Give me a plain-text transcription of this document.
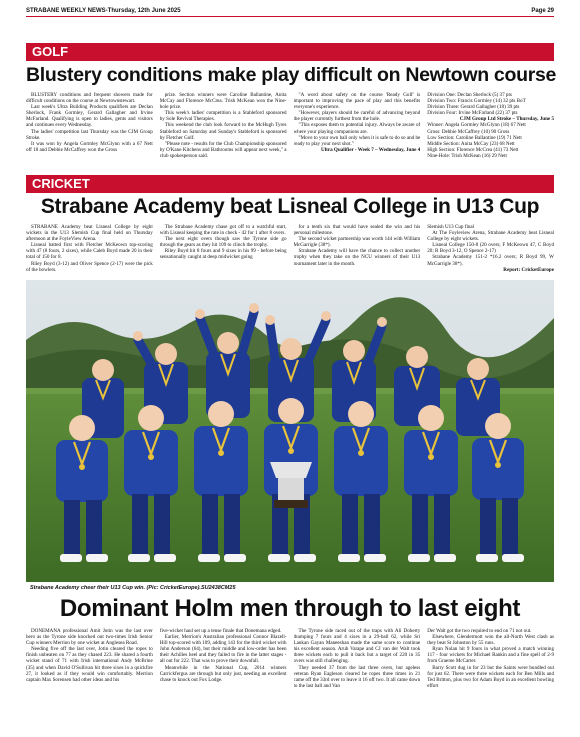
STRABANE WEEKLY NEWS-Thursday, 12th June 2025	Page 29
GOLF
Blustery conditions make play difficult on Newtown course

BLUSTERY conditions and frequent showers made for difficult conditions on the course at Newtownstewart.

Last week's Ultra Building Products qualifiers are Declan Sherlock, Frank Gormley, Gerard Gallagher and Irvine McFarland. Qualifying is open to ladies, gents and visitors and continues every Wednesday.

The ladies' competition last Thursday was the CJM Group Stroke.

It was won by Angela Gormley McGlynn with a 67 Nett off 18 and Debbie McCaffrey won the Gross

prize. Section winners were Caroline Ballantine, Anita McCay and Florence McCrea. Trish McKean won the Nine-hole prize.

This week's ladies' competition is a Stableford sponsored by Sole Revival Therapies.

This weekend the club look forward to the McHugh Tyres Stableford on Saturday and Sunday's Stableford is sponsored by Fletcher Golf.

"Please note - results for the Club Championship sponsored by O'Kane Kitchens and Bathrooms will appear next week," a club spokesperson said.

"A word about safety on the course 'Ready Golf' is important to improving the pace of play and this benefits everyone's experience.

"However, players should be careful of advancing beyond the player currently furthest from the hole.

"This exposes them to potential injury. Always be aware of where your playing companions are.

"Move to your own ball only when it is safe to do so and be ready to play your next shot."

Ultra Qualifier - Week 7 – Wednesday, June 4

Division One: Declan Sherlock (5) 37 pts

Division Two: Francis Gormley (14) 32 pts BoT

Division Three: Gerard Gallagher (18) 39 pts

Division Four: Irvine McFarland (22) 37 pts

CJM Group Ltd Stroke – Thursday, June 5

Winner: Angela Gormley McGlynn (18) 67 Nett

Gross: Debbie McCaffrey (10) 90 Gross

Low Section: Caroline Ballantine (19) 71 Nett

Middle Section: Anita McCay (23) 68 Nett

High Section: Florence McCrea (41) 73 Nett

Nine-Hole: Trish McKean (16) 29 Nett

CRICKET
Strabane Academy beat Lisneal College in U13 Cup

STRABANE Academy beat Lisneal College by eight wickets in the U13 Slemish Cup final held on Thursday afternoon at the FoyleView Arena.

Lisneal batted first with Fletcher McKeown top-scoring with 47 (8 fours, 2 sixes), while Caleb Boyd made 20 in their total of 150 for 8.

Riley Boyd (3-12) and Oliver Spence (2-17) were the pick of the bowlers.

The Strabane Academy chase got off to a watchful start, with Lisneal keeping the rate in check - 42 for 1 after 8 overs.

The next eight overs though saw the Tyrone side go through the gears as they hit 109 to clinch the trophy.

Riley Boyd hit 8 fours and 9 sixes in his 99 - before being sensationally caught at deep midwicket going

for a tenth six that would have sealed the win and his personal milestone.

The second wicket partnership was worth 144 with William McGarrigle (38*).

Strabane Academy will have the chance to collect another trophy when they take on the NCU winners of their U13 tournament later in the month.

Slemish U13 Cup final

At The Foyleview Arena, Strabane Academy beat Lisneal College by eight wickets.

Lisneal College 150-8 (20 overs; F McKeown 47, C Boyd 20; R Boyd 3-12, O Spence 2-17)

Strabane Academy 151-2 *16.2 overs; R Boyd 99, W McGarrigle 38*).

Report: CricketEurope

Strabane Academy cheer their U13 Cup win. (Pic: CricketEurope).SU2438CM25
Dominant Holm men through to last eight

DONEMANA professional Amit Jotin was the last over hero as the Tyrone side knocked out two-times Irish Senior Cup winners Merrion by one wicket at Anglesea Road.

Needing five off the last over, Jotin cleared the ropes to finish unbeaten on 77 as they chased 223. He shared a fourth wicket stand of 71 with Irish international Andy McBrine (35) and when David O'Sullivan hit three sixes in a quickfire 27, it looked as if they would win comfortably. Merrion captain Max Sorensen had other ideas and his

five-wicket haul set up a tense finale that Donemana edged.

Earlier, Merrion's Australian professional Connor Blazell-Hill top-scored with 109, adding 143 for the third wicket with John Anderson (64), but their middle and low-order has been their Achilles heel and they failed to fire in the latter stages - all out for 222. That was to prove their downfall.

Meanwhile in the National Cup, 2014 winners Carrickfergus are through but only just, needing an excellent chase to knock out Fox Lodge.

The Tyrone side raced out of the traps with Ali Doherty thumping 7 fours and 4 sixes in a 29-ball 62, while Sri Lankan Gayan Maneeshan made the same score to continue his excellent season. Arub Varape and CJ van der Walt took three wickets each to pull it back but a target of 220 in 35 overs was still challenging.

They needed 37 from the last three overs, but ageless veteran Ryan Eagleson cleared he ropes three times in 21 came off the 33rd over to leave it 16 off two. It all came down to the last ball and Van

Der Walt got the two required to end on 71 not out.

Elsewhere, Glendermott won the all-North West clash as they beat St Johnston by 55 runs.

Ryan Nolan hit 9 fours in what proved a match winning 117 - four wickets for Michael Rankin and a fine spell of 2-9 from Graeme McCarter.

Barry Scott dug in for 23 but the Saints were bundled out for just 62. There were three wickets each for Ben Mills and Ted Britton, plus two for Adam Boyd in an excellent bowling effort
